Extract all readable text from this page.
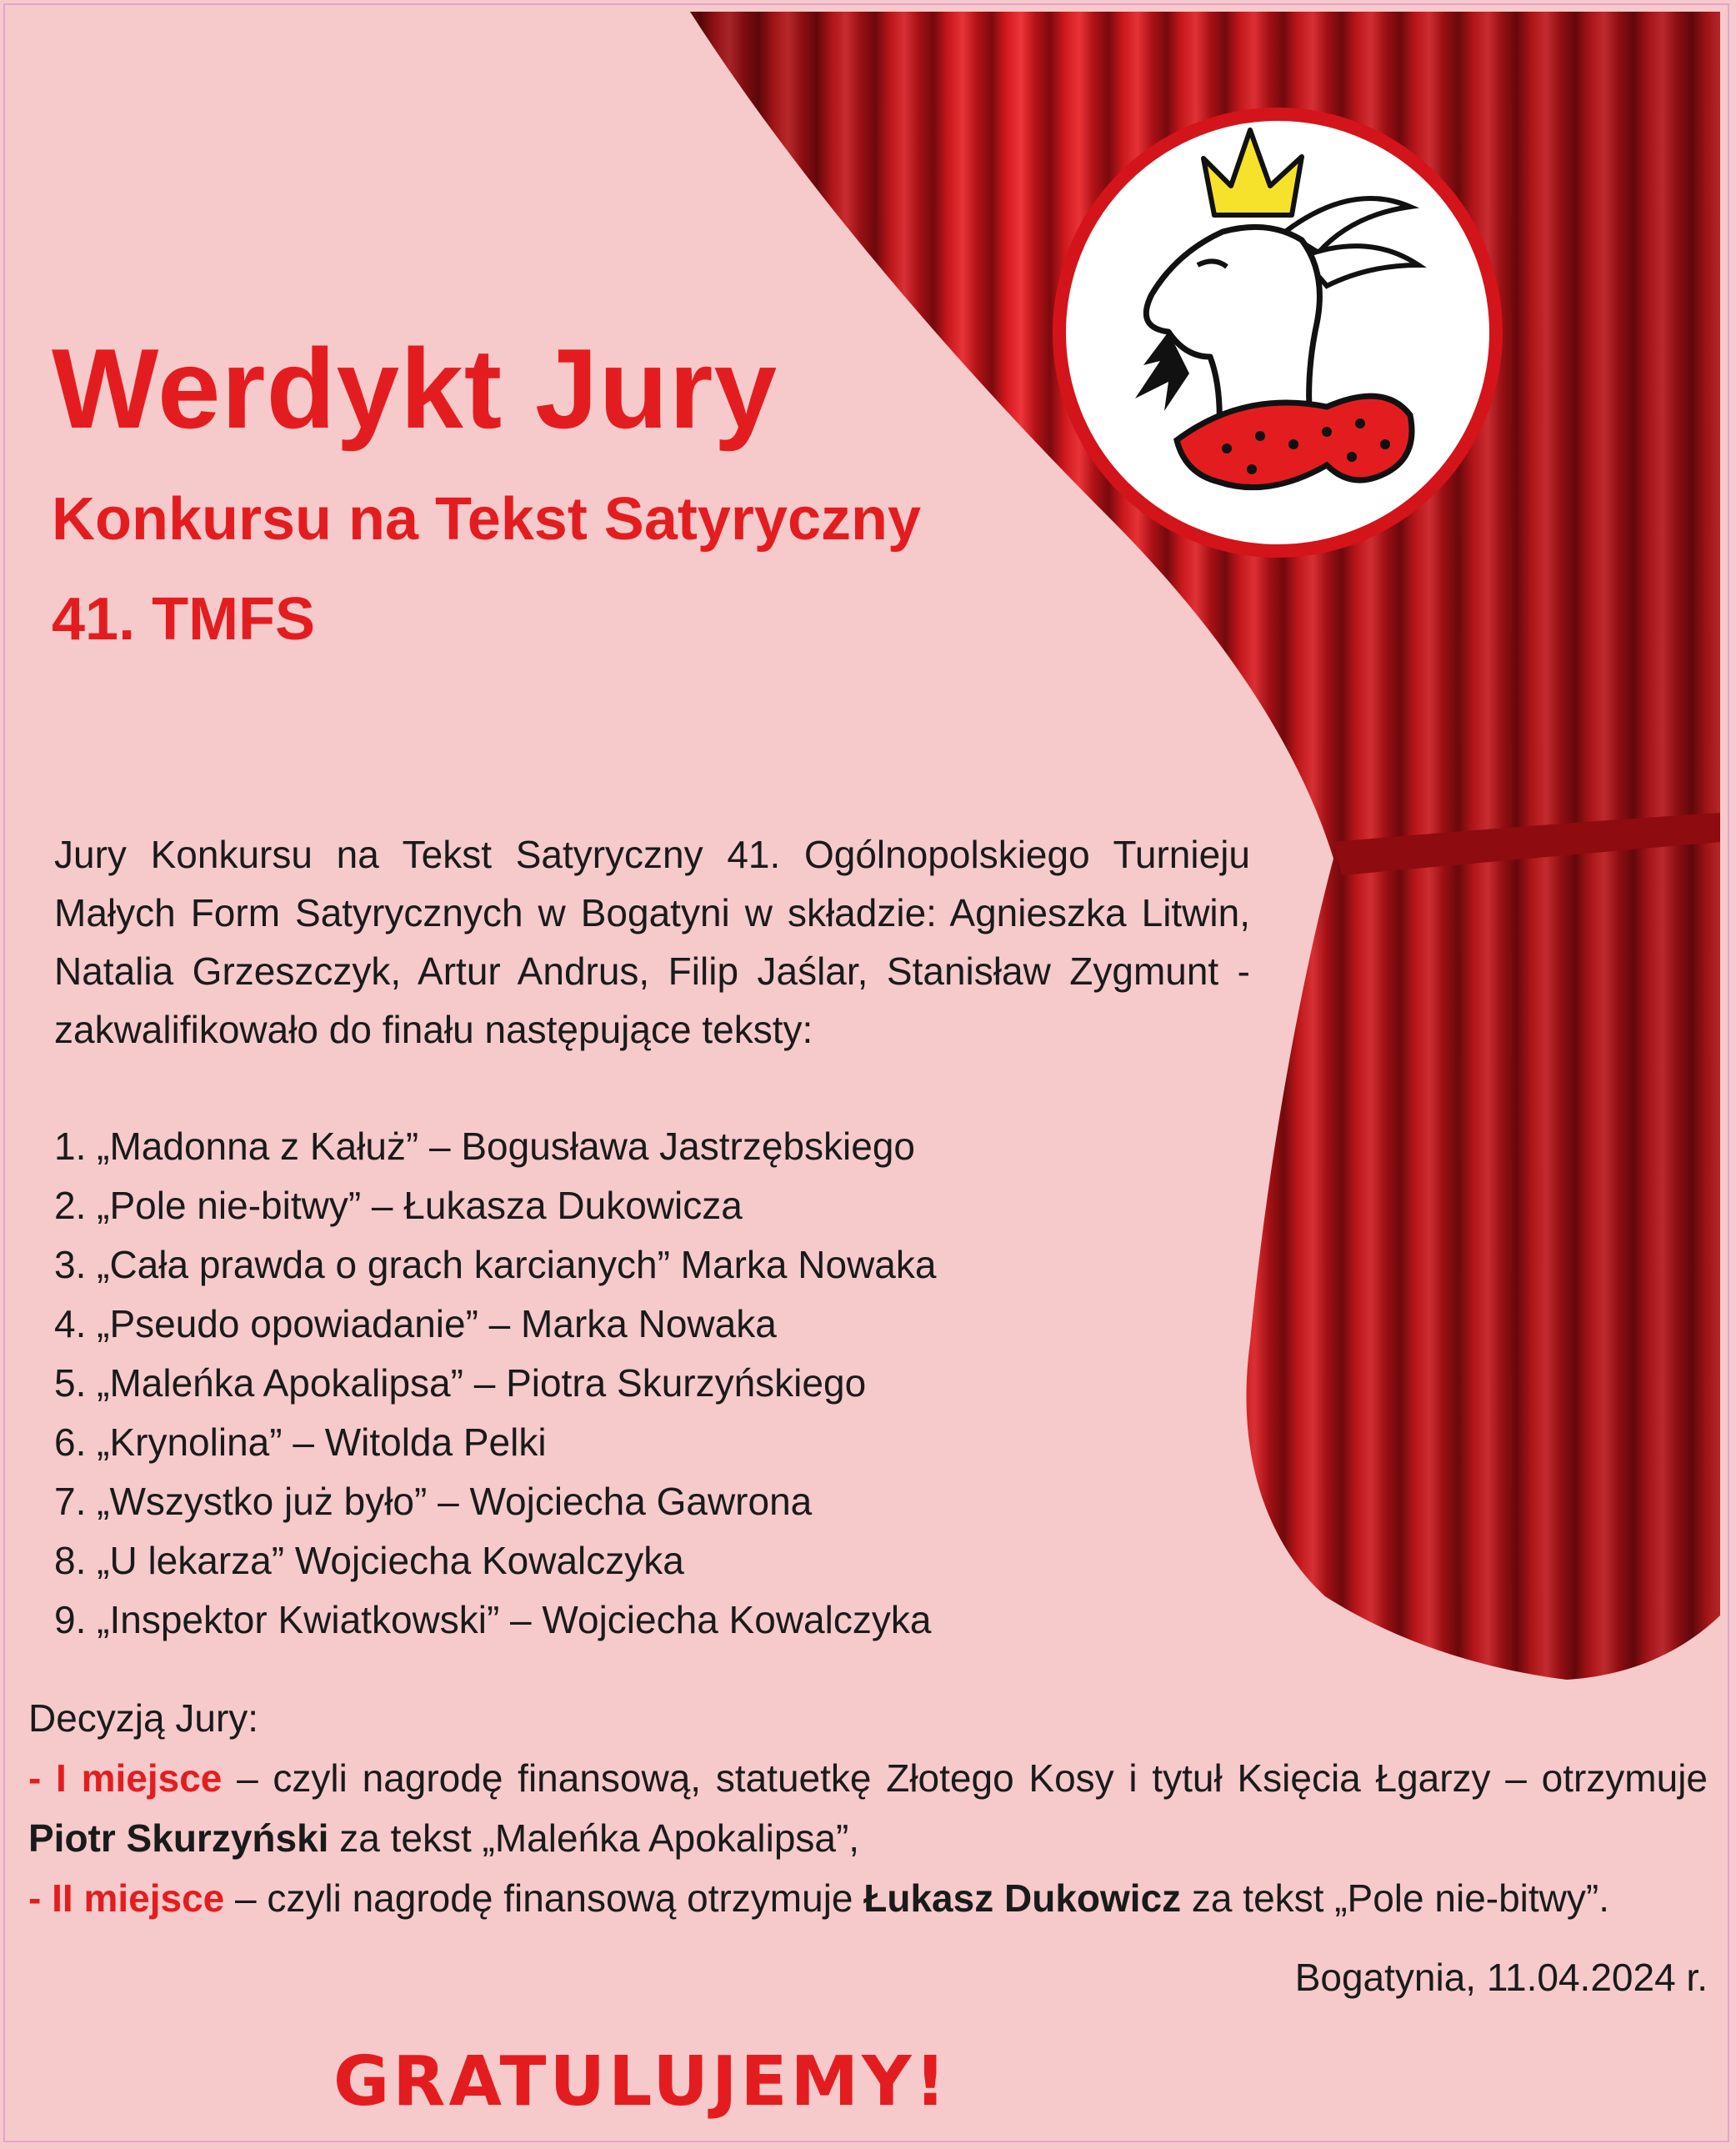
Werdykt Jury
Konkursu na Tekst Satyryczny
41. TMFS

Jury Konkursu na Tekst Satyryczny 41. Ogólnopolskiego Turnieju Małych Form Satyrycznych w Bogatyni w składzie: Agnieszka Litwin, Natalia Grzeszczyk, Artur Andrus, Filip Jaślar, Stanisław Zygmunt - zakwalifikowało do finału następujące teksty:

1. „Madonna z Kałuż” – Bogusława Jastrzębskiego
2. „Pole nie-bitwy” – Łukasza Dukowicza
3. „Cała prawda o grach karcianych” Marka Nowaka
4. „Pseudo opowiadanie” – Marka Nowaka
5. „Maleńka Apokalipsa” – Piotra Skurzyńskiego
6. „Krynolina” – Witolda Pelki
7. „Wszystko już było” – Wojciecha Gawrona
8. „U lekarza” Wojciecha Kowalczyka
9. „Inspektor Kwiatkowski” – Wojciecha Kowalczyka

Decyzją Jury:

- I miejsce – czyli nagrodę finansową, statuetkę Złotego Kosy i tytuł Księcia Łgarzy – otrzymuje Piotr Skurzyński za tekst „Maleńka Apokalipsa”,

- II miejsce – czyli nagrodę finansową otrzymuje Łukasz Dukowicz za tekst „Pole nie-bitwy”.

Bogatynia, 11.04.2024 r.

GRATULUJEMY!
